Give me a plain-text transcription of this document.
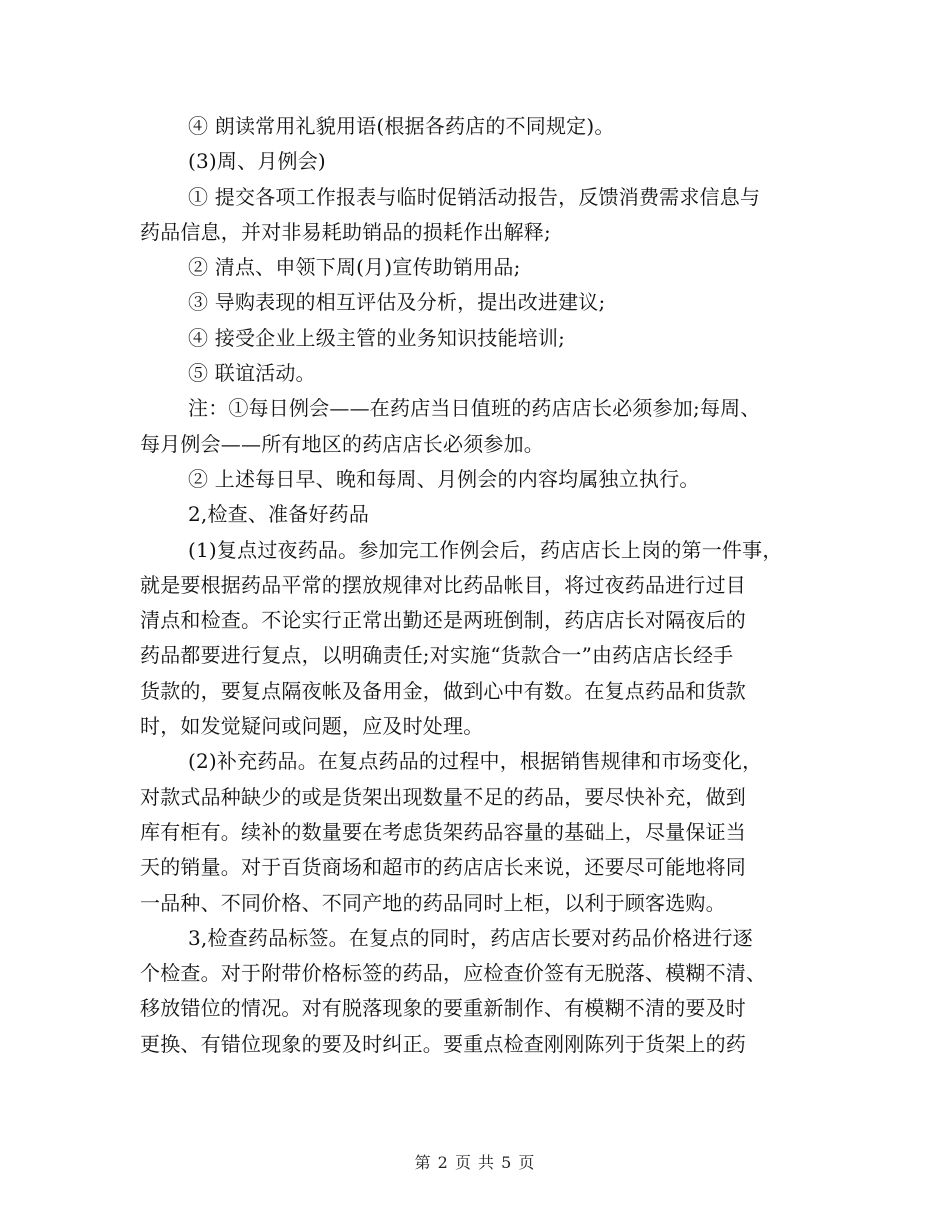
④ 朗读常用礼貌用语(根据各药店的不同规定)。
(3)周、月例会)
① 提交各项工作报表与临时促销活动报告，反馈消费需求信息与
药品信息，并对非易耗助销品的损耗作出解释;
② 清点、申领下周(月)宣传助销用品;
③ 导购表现的相互评估及分析，提出改进建议;
④ 接受企业上级主管的业务知识技能培训;
⑤ 联谊活动。
注：①每日例会——在药店当日值班的药店店长必须参加;每周、
每月例会——所有地区的药店店长必须参加。
② 上述每日早、晚和每周、月例会的内容均属独立执行。
2,检查、准备好药品
(1)复点过夜药品。参加完工作例会后，药店店长上岗的第一件事，
就是要根据药品平常的摆放规律对比药品帐目，将过夜药品进行过目
清点和检查。不论实行正常出勤还是两班倒制，药店店长对隔夜后的
药品都要进行复点，以明确责任;对实施“货款合一”由药店店长经手
货款的，要复点隔夜帐及备用金，做到心中有数。在复点药品和货款
时，如发觉疑问或问题，应及时处理。
(2)补充药品。在复点药品的过程中，根据销售规律和市场变化，
对款式品种缺少的或是货架出现数量不足的药品，要尽快补充，做到
库有柜有。续补的数量要在考虑货架药品容量的基础上，尽量保证当
天的销量。对于百货商场和超市的药店店长来说，还要尽可能地将同
一品种、不同价格、不同产地的药品同时上柜，以利于顾客选购。
3,检查药品标签。在复点的同时，药店店长要对药品价格进行逐
个检查。对于附带价格标签的药品，应检查价签有无脱落、模糊不清、
移放错位的情况。对有脱落现象的要重新制作、有模糊不清的要及时
更换、有错位现象的要及时纠正。要重点检查刚刚陈列于货架上的药
第 2 页 共 5 页
